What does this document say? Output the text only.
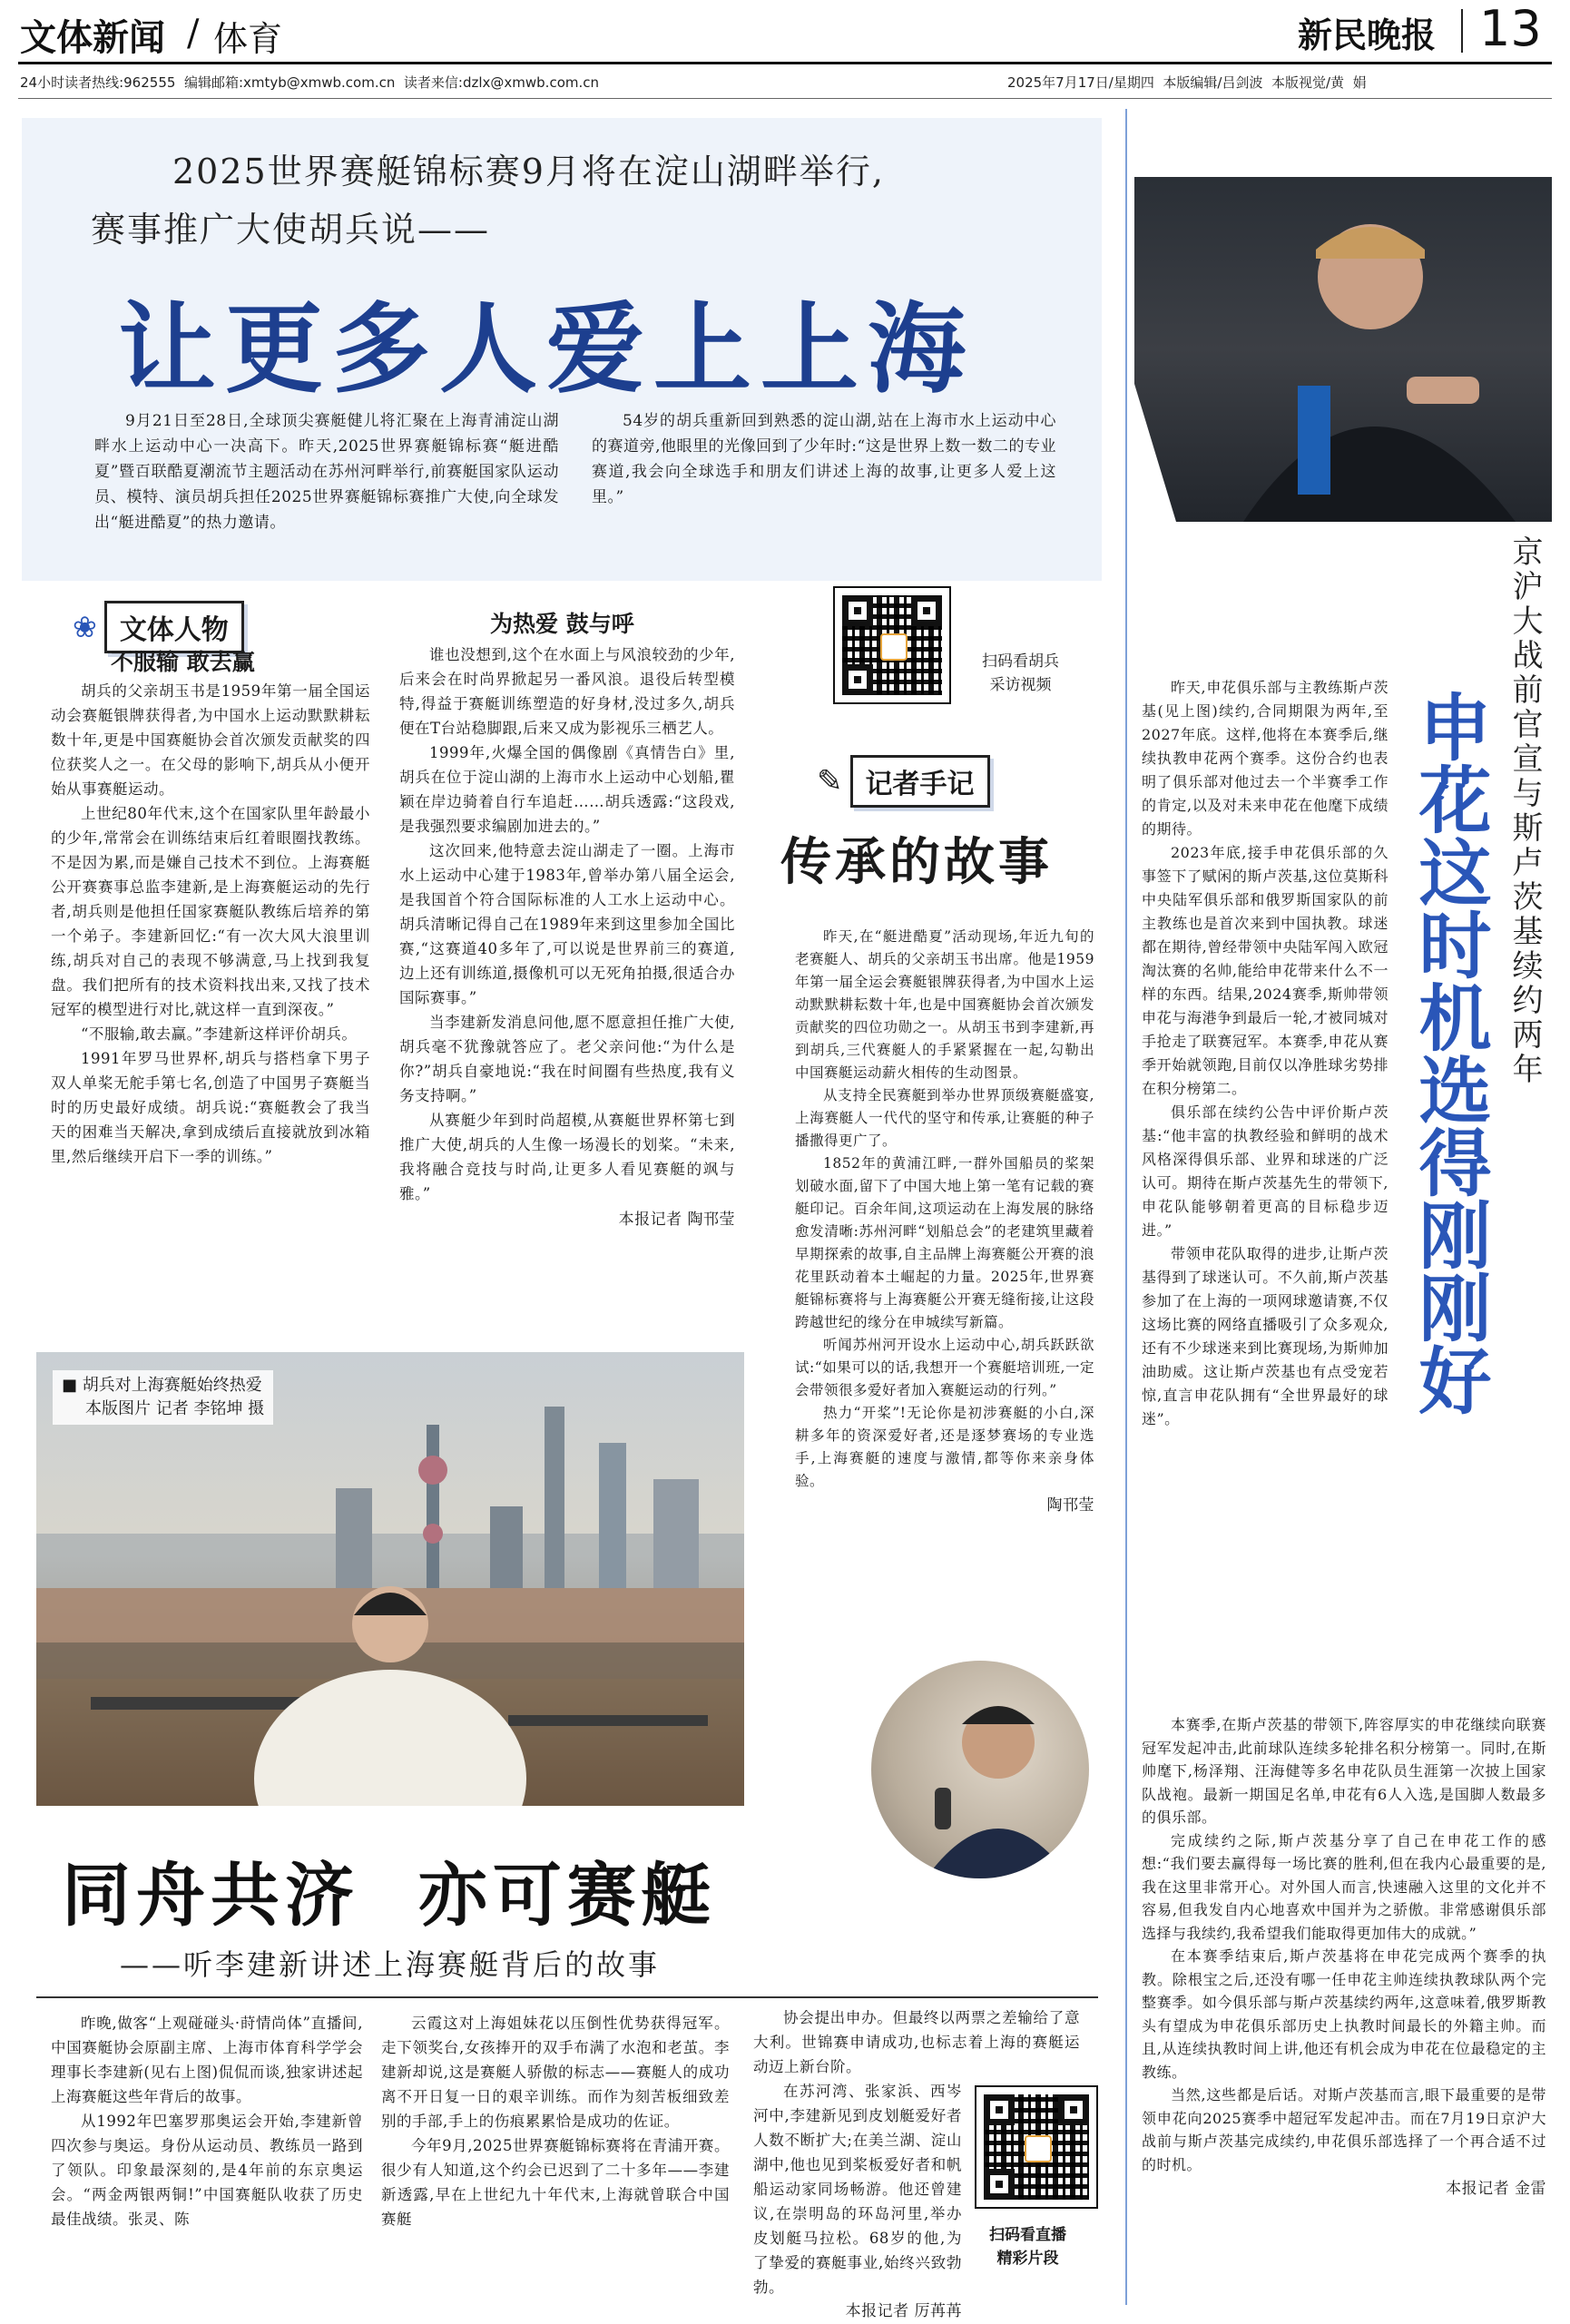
文体新闻 / 体育	新民晚报 13
24小时读者热线:962555  编辑邮箱:xmtyb@xmwb.com.cn  读者来信:dzlx@xmwb.com.cn	2025年7月17日/星期四  本版编辑/吕剑波  本版视觉/黄  娟
2025世界赛艇锦标赛9月将在淀山湖畔举行,
赛事推广大使胡兵说——
让更多人爱上上海

9月21日至28日,全球顶尖赛艇健儿将汇聚在上海青浦淀山湖畔水上运动中心一决高下。昨天,2025世界赛艇锦标赛“艇进酷夏”暨百联酷夏潮流节主题活动在苏州河畔举行,前赛艇国家队运动员、模特、演员胡兵担任2025世界赛艇锦标赛推广大使,向全球发出“艇进酷夏”的热力邀请。

54岁的胡兵重新回到熟悉的淀山湖,站在上海市水上运动中心的赛道旁,他眼里的光像回到了少年时:“这是世界上数一数二的专业赛道,我会向全球选手和朋友们讲述上海的故事,让更多人爱上这里。”

❀ 文体人物
不服输 敢去赢

胡兵的父亲胡玉书是1959年第一届全国运动会赛艇银牌获得者,为中国水上运动默默耕耘数十年,更是中国赛艇协会首次颁发贡献奖的四位获奖人之一。在父母的影响下,胡兵从小便开始从事赛艇运动。

上世纪80年代末,这个在国家队里年龄最小的少年,常常会在训练结束后红着眼圈找教练。不是因为累,而是嫌自己技术不到位。上海赛艇公开赛赛事总监李建新,是上海赛艇运动的先行者,胡兵则是他担任国家赛艇队教练后培养的第一个弟子。李建新回忆:“有一次大风大浪里训练,胡兵对自己的表现不够满意,马上找到我复盘。我们把所有的技术资料找出来,又找了技术冠军的模型进行对比,就这样一直到深夜。”

“不服输,敢去赢。”李建新这样评价胡兵。

1991年罗马世界杯,胡兵与搭档拿下男子双人单桨无舵手第七名,创造了中国男子赛艇当时的历史最好成绩。胡兵说:“赛艇教会了我当天的困难当天解决,拿到成绩后直接就放到冰箱里,然后继续开启下一季的训练。”

为热爱 鼓与呼

谁也没想到,这个在水面上与风浪较劲的少年,后来会在时尚界掀起另一番风浪。退役后转型模特,得益于赛艇训练塑造的好身材,没过多久,胡兵便在T台站稳脚跟,后来又成为影视乐三栖艺人。

1999年,火爆全国的偶像剧《真情告白》里,胡兵在位于淀山湖的上海市水上运动中心划船,瞿颖在岸边骑着自行车追赶……胡兵透露:“这段戏,是我强烈要求编剧加进去的。”

这次回来,他特意去淀山湖走了一圈。上海市水上运动中心建于1983年,曾举办第八届全运会,是我国首个符合国际标准的人工水上运动中心。胡兵清晰记得自己在1989年来到这里参加全国比赛,“这赛道40多年了,可以说是世界前三的赛道,边上还有训练道,摄像机可以无死角拍摄,很适合办国际赛事。”

当李建新发消息问他,愿不愿意担任推广大使,胡兵毫不犹豫就答应了。老父亲问他:“为什么是你?”胡兵自豪地说:“我在时间圈有些热度,我有义务支持啊。”

从赛艇少年到时尚超模,从赛艇世界杯第七到推广大使,胡兵的人生像一场漫长的划桨。“未来,我将融合竞技与时尚,让更多人看见赛艇的飒与雅。”

本报记者 陶邗莹
■ 胡兵对上海赛艇始终热爱
本版图片 记者 李铭坤 摄
扫码看胡兵
采访视频
✎ 记者手记
传承的故事

昨天,在“艇进酷夏”活动现场,年近九旬的老赛艇人、胡兵的父亲胡玉书出席。他是1959年第一届全运会赛艇银牌获得者,为中国水上运动默默耕耘数十年,也是中国赛艇协会首次颁发贡献奖的四位功勋之一。从胡玉书到李建新,再到胡兵,三代赛艇人的手紧紧握在一起,勾勒出中国赛艇运动薪火相传的生动图景。

从支持全民赛艇到举办世界顶级赛艇盛宴,上海赛艇人一代代的坚守和传承,让赛艇的种子播撒得更广了。

1852年的黄浦江畔,一群外国船员的桨架划破水面,留下了中国大地上第一笔有记载的赛艇印记。百余年间,这项运动在上海发展的脉络愈发清晰:苏州河畔“划船总会”的老建筑里藏着早期探索的故事,自主品牌上海赛艇公开赛的浪花里跃动着本土崛起的力量。2025年,世界赛艇锦标赛将与上海赛艇公开赛无缝衔接,让这段跨越世纪的缘分在申城续写新篇。

听闻苏州河开设水上运动中心,胡兵跃跃欲试:“如果可以的话,我想开一个赛艇培训班,一定会带领很多爱好者加入赛艇运动的行列。”

热力“开桨”!无论你是初涉赛艇的小白,深耕多年的资深爱好者,还是逐梦赛场的专业选手,上海赛艇的速度与激情,都等你来亲身体验。

陶邗莹
同舟共济  亦可赛艇
——听李建新讲述上海赛艇背后的故事

昨晚,做客“上观碰碰头·莳情尚体”直播间,中国赛艇协会原副主席、上海市体育科学学会理事长李建新(见右上图)侃侃而谈,独家讲述起上海赛艇这些年背后的故事。

从1992年巴塞罗那奥运会开始,李建新曾四次参与奥运。身份从运动员、教练员一路到了领队。印象最深刻的,是4年前的东京奥运会。“两金两银两铜!”中国赛艇队收获了历史最佳战绩。张灵、陈

云霞这对上海姐妹花以压倒性优势获得冠军。走下领奖台,女孩捧开的双手布满了水泡和老茧。李建新却说,这是赛艇人骄傲的标志——赛艇人的成功离不开日复一日的艰辛训练。而作为刻苦板细致差别的手部,手上的伤痕累累恰是成功的佐证。

今年9月,2025世界赛艇锦标赛将在青浦开赛。很少有人知道,这个约会已迟到了二十多年——李建新透露,早在上世纪九十年代末,上海就曾联合中国赛艇

协会提出申办。但最终以两票之差输给了意大利。世锦赛申请成功,也标志着上海的赛艇运动迈上新台阶。

在苏河湾、张家浜、西岑河中,李建新见到皮划艇爱好者人数不断扩大;在美兰湖、淀山湖中,他也见到桨板爱好者和帆船运动家同场畅游。他还曾建议,在崇明岛的环岛河里,举办皮划艇马拉松。68岁的他,为了挚爱的赛艇事业,始终兴致勃勃。

本报记者 厉苒苒
扫码看直播
精彩片段
京沪大战前官宣与斯卢茨基续约两年
申花这时机选得刚刚好

昨天,申花俱乐部与主教练斯卢茨基(见上图)续约,合同期限为两年,至2027年底。这样,他将在本赛季后,继续执教申花两个赛季。这份合约也表明了俱乐部对他过去一个半赛季工作的肯定,以及对未来申花在他麾下成绩的期待。

2023年底,接手申花俱乐部的久事签下了赋闲的斯卢茨基,这位莫斯科中央陆军俱乐部和俄罗斯国家队的前主教练也是首次来到中国执教。球迷都在期待,曾经带领中央陆军闯入欧冠淘汰赛的名帅,能给申花带来什么不一样的东西。结果,2024赛季,斯帅带领申花与海港争到最后一轮,才被同城对手抢走了联赛冠军。本赛季,申花从赛季开始就领跑,目前仅以净胜球劣势排在积分榜第二。

俱乐部在续约公告中评价斯卢茨基:“他丰富的执教经验和鲜明的战术风格深得俱乐部、业界和球迷的广泛认可。期待在斯卢茨基先生的带领下,申花队能够朝着更高的目标稳步迈进。”

带领申花队取得的进步,让斯卢茨基得到了球迷认可。不久前,斯卢茨基参加了在上海的一项网球邀请赛,不仅这场比赛的网络直播吸引了众多观众,还有不少球迷来到比赛现场,为斯帅加油助威。这让斯卢茨基也有点受宠若惊,直言申花队拥有“全世界最好的球迷”。

本赛季,在斯卢茨基的带领下,阵容厚实的申花继续向联赛冠军发起冲击,此前球队连续多轮排名积分榜第一。同时,在斯帅麾下,杨泽翔、汪海健等多名申花队员生涯第一次披上国家队战袍。最新一期国足名单,申花有6人入选,是国脚人数最多的俱乐部。

完成续约之际,斯卢茨基分享了自己在申花工作的感想:“我们要去赢得每一场比赛的胜利,但在我内心最重要的是,我在这里非常开心。对外国人而言,快速融入这里的文化并不容易,但我发自内心地喜欢中国并为之骄傲。非常感谢俱乐部选择与我续约,我希望我们能取得更加伟大的成就。”

在本赛季结束后,斯卢茨基将在申花完成两个赛季的执教。除根宝之后,还没有哪一任申花主帅连续执教球队两个完整赛季。如今俱乐部与斯卢茨基续约两年,这意味着,俄罗斯教头有望成为申花俱乐部历史上执教时间最长的外籍主帅。而且,从连续执教时间上讲,他还有机会成为申花在位最稳定的主教练。

当然,这些都是后话。对斯卢茨基而言,眼下最重要的是带领申花向2025赛季中超冠军发起冲击。而在7月19日京沪大战前与斯卢茨基完成续约,申花俱乐部选择了一个再合适不过的时机。

本报记者 金雷
